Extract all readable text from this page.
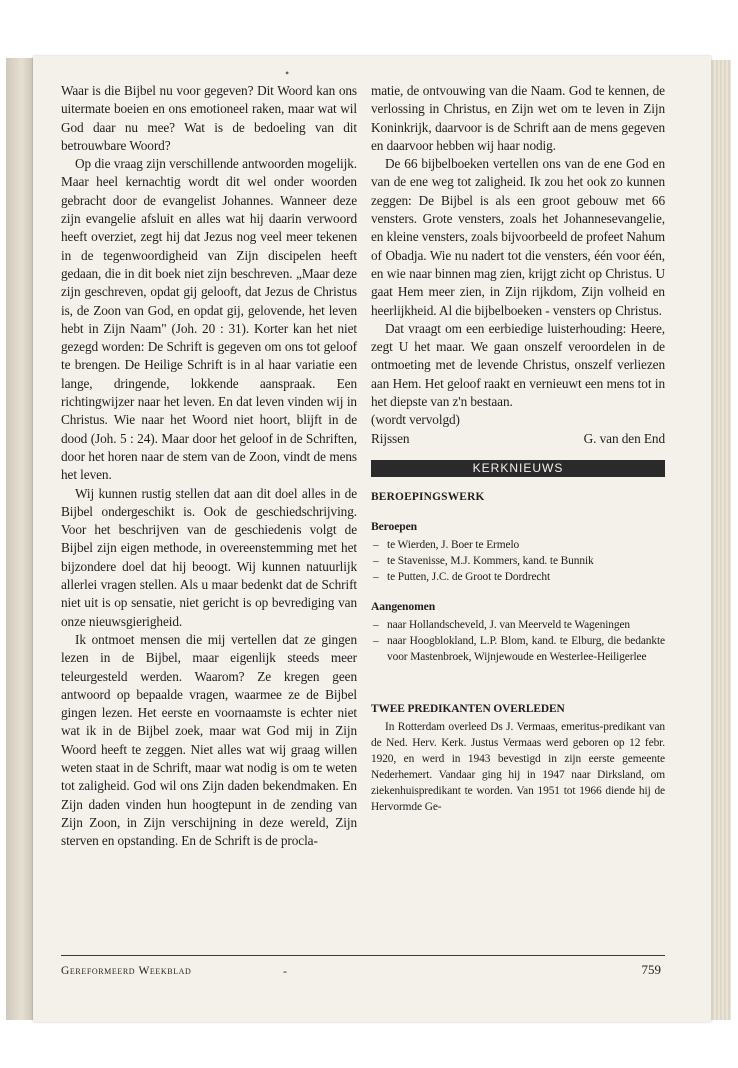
•

Waar is die Bijbel nu voor gegeven? Dit Woord kan ons uitermate boeien en ons emotioneel raken, maar wat wil God daar nu mee? Wat is de bedoeling van dit betrouwbare Woord?

Op die vraag zijn verschillende antwoorden mogelijk. Maar heel kernachtig wordt dit wel onder woorden gebracht door de evangelist Johannes. Wanneer deze zijn evangelie afsluit en alles wat hij daarin verwoord heeft overziet, zegt hij dat Jezus nog veel meer tekenen in de tegenwoordigheid van Zijn discipelen heeft gedaan, die in dit boek niet zijn beschreven. „Maar deze zijn geschreven, opdat gij gelooft, dat Jezus de Christus is, de Zoon van God, en opdat gij, gelovende, het leven hebt in Zijn Naam" (Joh. 20 : 31). Korter kan het niet gezegd worden: De Schrift is gegeven om ons tot geloof te brengen. De Heilige Schrift is in al haar variatie een lange, dringende, lokkende aanspraak. Een richtingwijzer naar het leven. En dat leven vinden wij in Christus. Wie naar het Woord niet hoort, blijft in de dood (Joh. 5 : 24). Maar door het geloof in de Schriften, door het horen naar de stem van de Zoon, vindt de mens het leven.

Wij kunnen rustig stellen dat aan dit doel alles in de Bijbel ondergeschikt is. Ook de geschiedschrijving. Voor het beschrijven van de geschiedenis volgt de Bijbel zijn eigen methode, in overeenstemming met het bijzondere doel dat hij beoogt. Wij kunnen natuurlijk allerlei vragen stellen. Als u maar bedenkt dat de Schrift niet uit is op sensatie, niet gericht is op bevrediging van onze nieuwsgierigheid.

Ik ontmoet mensen die mij vertellen dat ze gingen lezen in de Bijbel, maar eigenlijk steeds meer teleurgesteld werden. Waarom? Ze kregen geen antwoord op bepaalde vragen, waarmee ze de Bijbel gingen lezen. Het eerste en voornaamste is echter niet wat ik in de Bijbel zoek, maar wat God mij in Zijn Woord heeft te zeggen. Niet alles wat wij graag willen weten staat in de Schrift, maar wat nodig is om te weten tot zaligheid. God wil ons Zijn daden bekendmaken. En Zijn daden vinden hun hoogtepunt in de zending van Zijn Zoon, in Zijn verschijning in deze wereld, Zijn sterven en opstanding. En de Schrift is de procla-

matie, de ontvouwing van die Naam. God te kennen, de verlossing in Christus, en Zijn wet om te leven in Zijn Koninkrijk, daarvoor is de Schrift aan de mens gegeven en daarvoor hebben wij haar nodig.

De 66 bijbelboeken vertellen ons van de ene God en van de ene weg tot zaligheid. Ik zou het ook zo kunnen zeggen: De Bijbel is als een groot gebouw met 66 vensters. Grote vensters, zoals het Johannesevangelie, en kleine vensters, zoals bijvoorbeeld de profeet Nahum of Obadja. Wie nu nadert tot die vensters, één voor één, en wie naar binnen mag zien, krijgt zicht op Christus. U gaat Hem meer zien, in Zijn rijkdom, Zijn volheid en heerlijkheid. Al die bijbelboeken - vensters op Christus.

Dat vraagt om een eerbiedige luisterhouding: Heere, zegt U het maar. We gaan onszelf veroordelen in de ontmoeting met de levende Christus, onszelf verliezen aan Hem. Het geloof raakt en vernieuwt een mens tot in het diepste van z'n bestaan.

(wordt vervolgd)

Rijssen	G. van den End
KERKNIEUWS
BEROEPINGSWERK
Beroepen
– te Wierden, J. Boer te Ermelo
– te Stavenisse, M.J. Kommers, kand. te Bunnik
– te Putten, J.C. de Groot te Dordrecht
Aangenomen
– naar Hollandscheveld, J. van Meerveld te Wageningen
– naar Hoogblokland, L.P. Blom, kand. te Elburg, die bedankte voor Mastenbroek, Wijnjewoude en Westerlee-Heiligerlee
TWEE PREDIKANTEN OVERLEDEN

In Rotterdam overleed Ds J. Vermaas, emeritus-predikant van de Ned. Herv. Kerk. Justus Vermaas werd geboren op 12 febr. 1920, en werd in 1943 bevestigd in zijn eerste gemeente Nederhemert. Vandaar ging hij in 1947 naar Dirksland, om ziekenhuispredikant te worden. Van 1951 tot 1966 diende hij de Hervormde Ge-

Gereformeerd Weekblad	-	759
